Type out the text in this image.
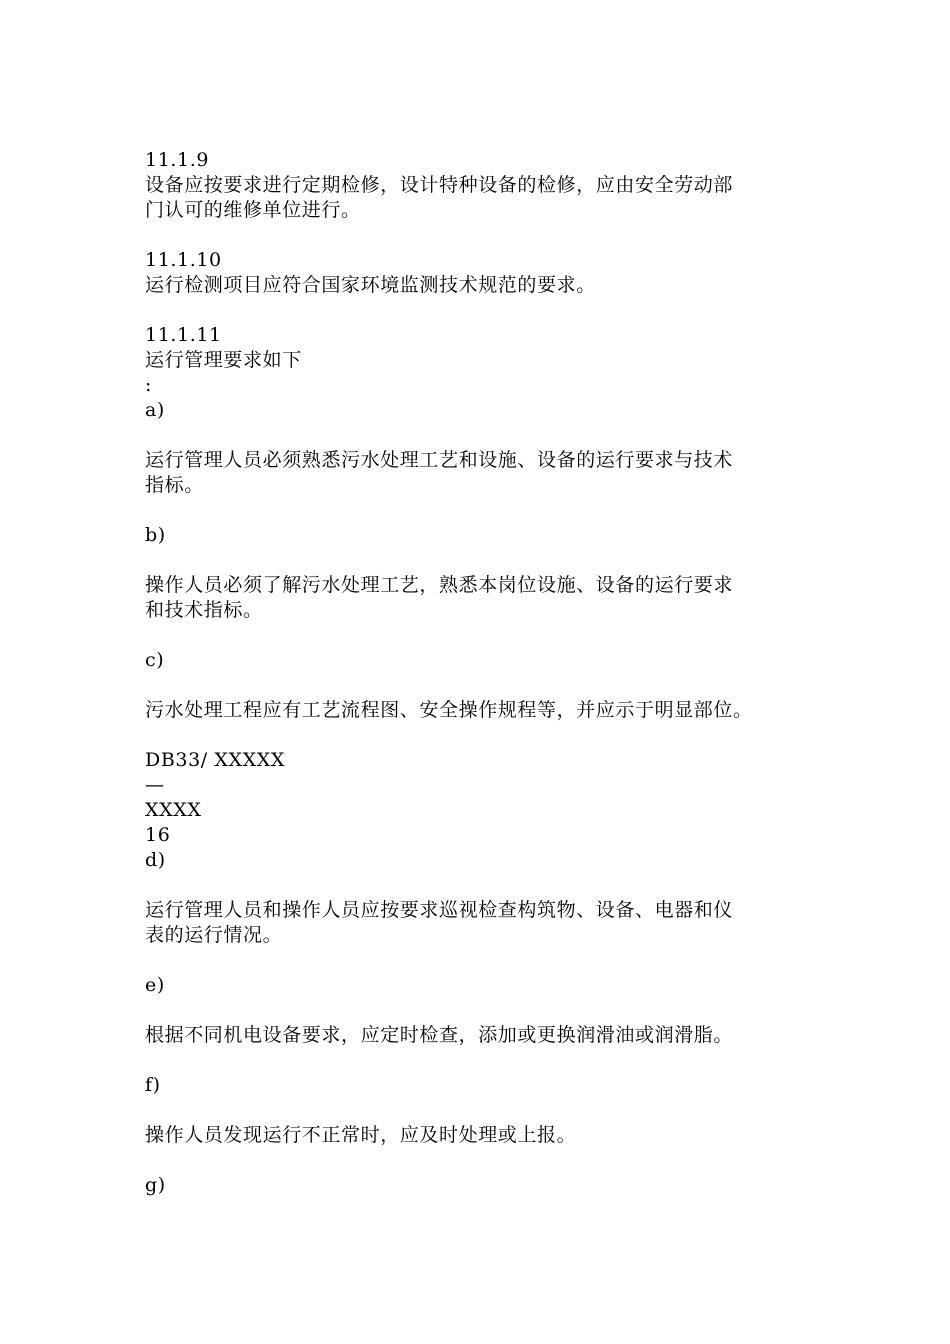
11.1.9
设备应按要求进行定期检修，设计特种设备的检修，应由安全劳动部
门认可的维修单位进行。
11.1.10
运行检测项目应符合国家环境监测技术规范的要求。
11.1.11
运行管理要求如下
:
a)
运行管理人员必须熟悉污水处理工艺和设施、设备的运行要求与技术
指标。
b)
操作人员必须了解污水处理工艺，熟悉本岗位设施、设备的运行要求
和技术指标。
c)
污水处理工程应有工艺流程图、安全操作规程等，并应示于明显部位。
DB33/ XXXXX
—
XXXX
16
d)
运行管理人员和操作人员应按要求巡视检查构筑物、设备、电器和仪
表的运行情况。
e)
根据不同机电设备要求，应定时检查，添加或更换润滑油或润滑脂。
f)
操作人员发现运行不正常时，应及时处理或上报。
g)
